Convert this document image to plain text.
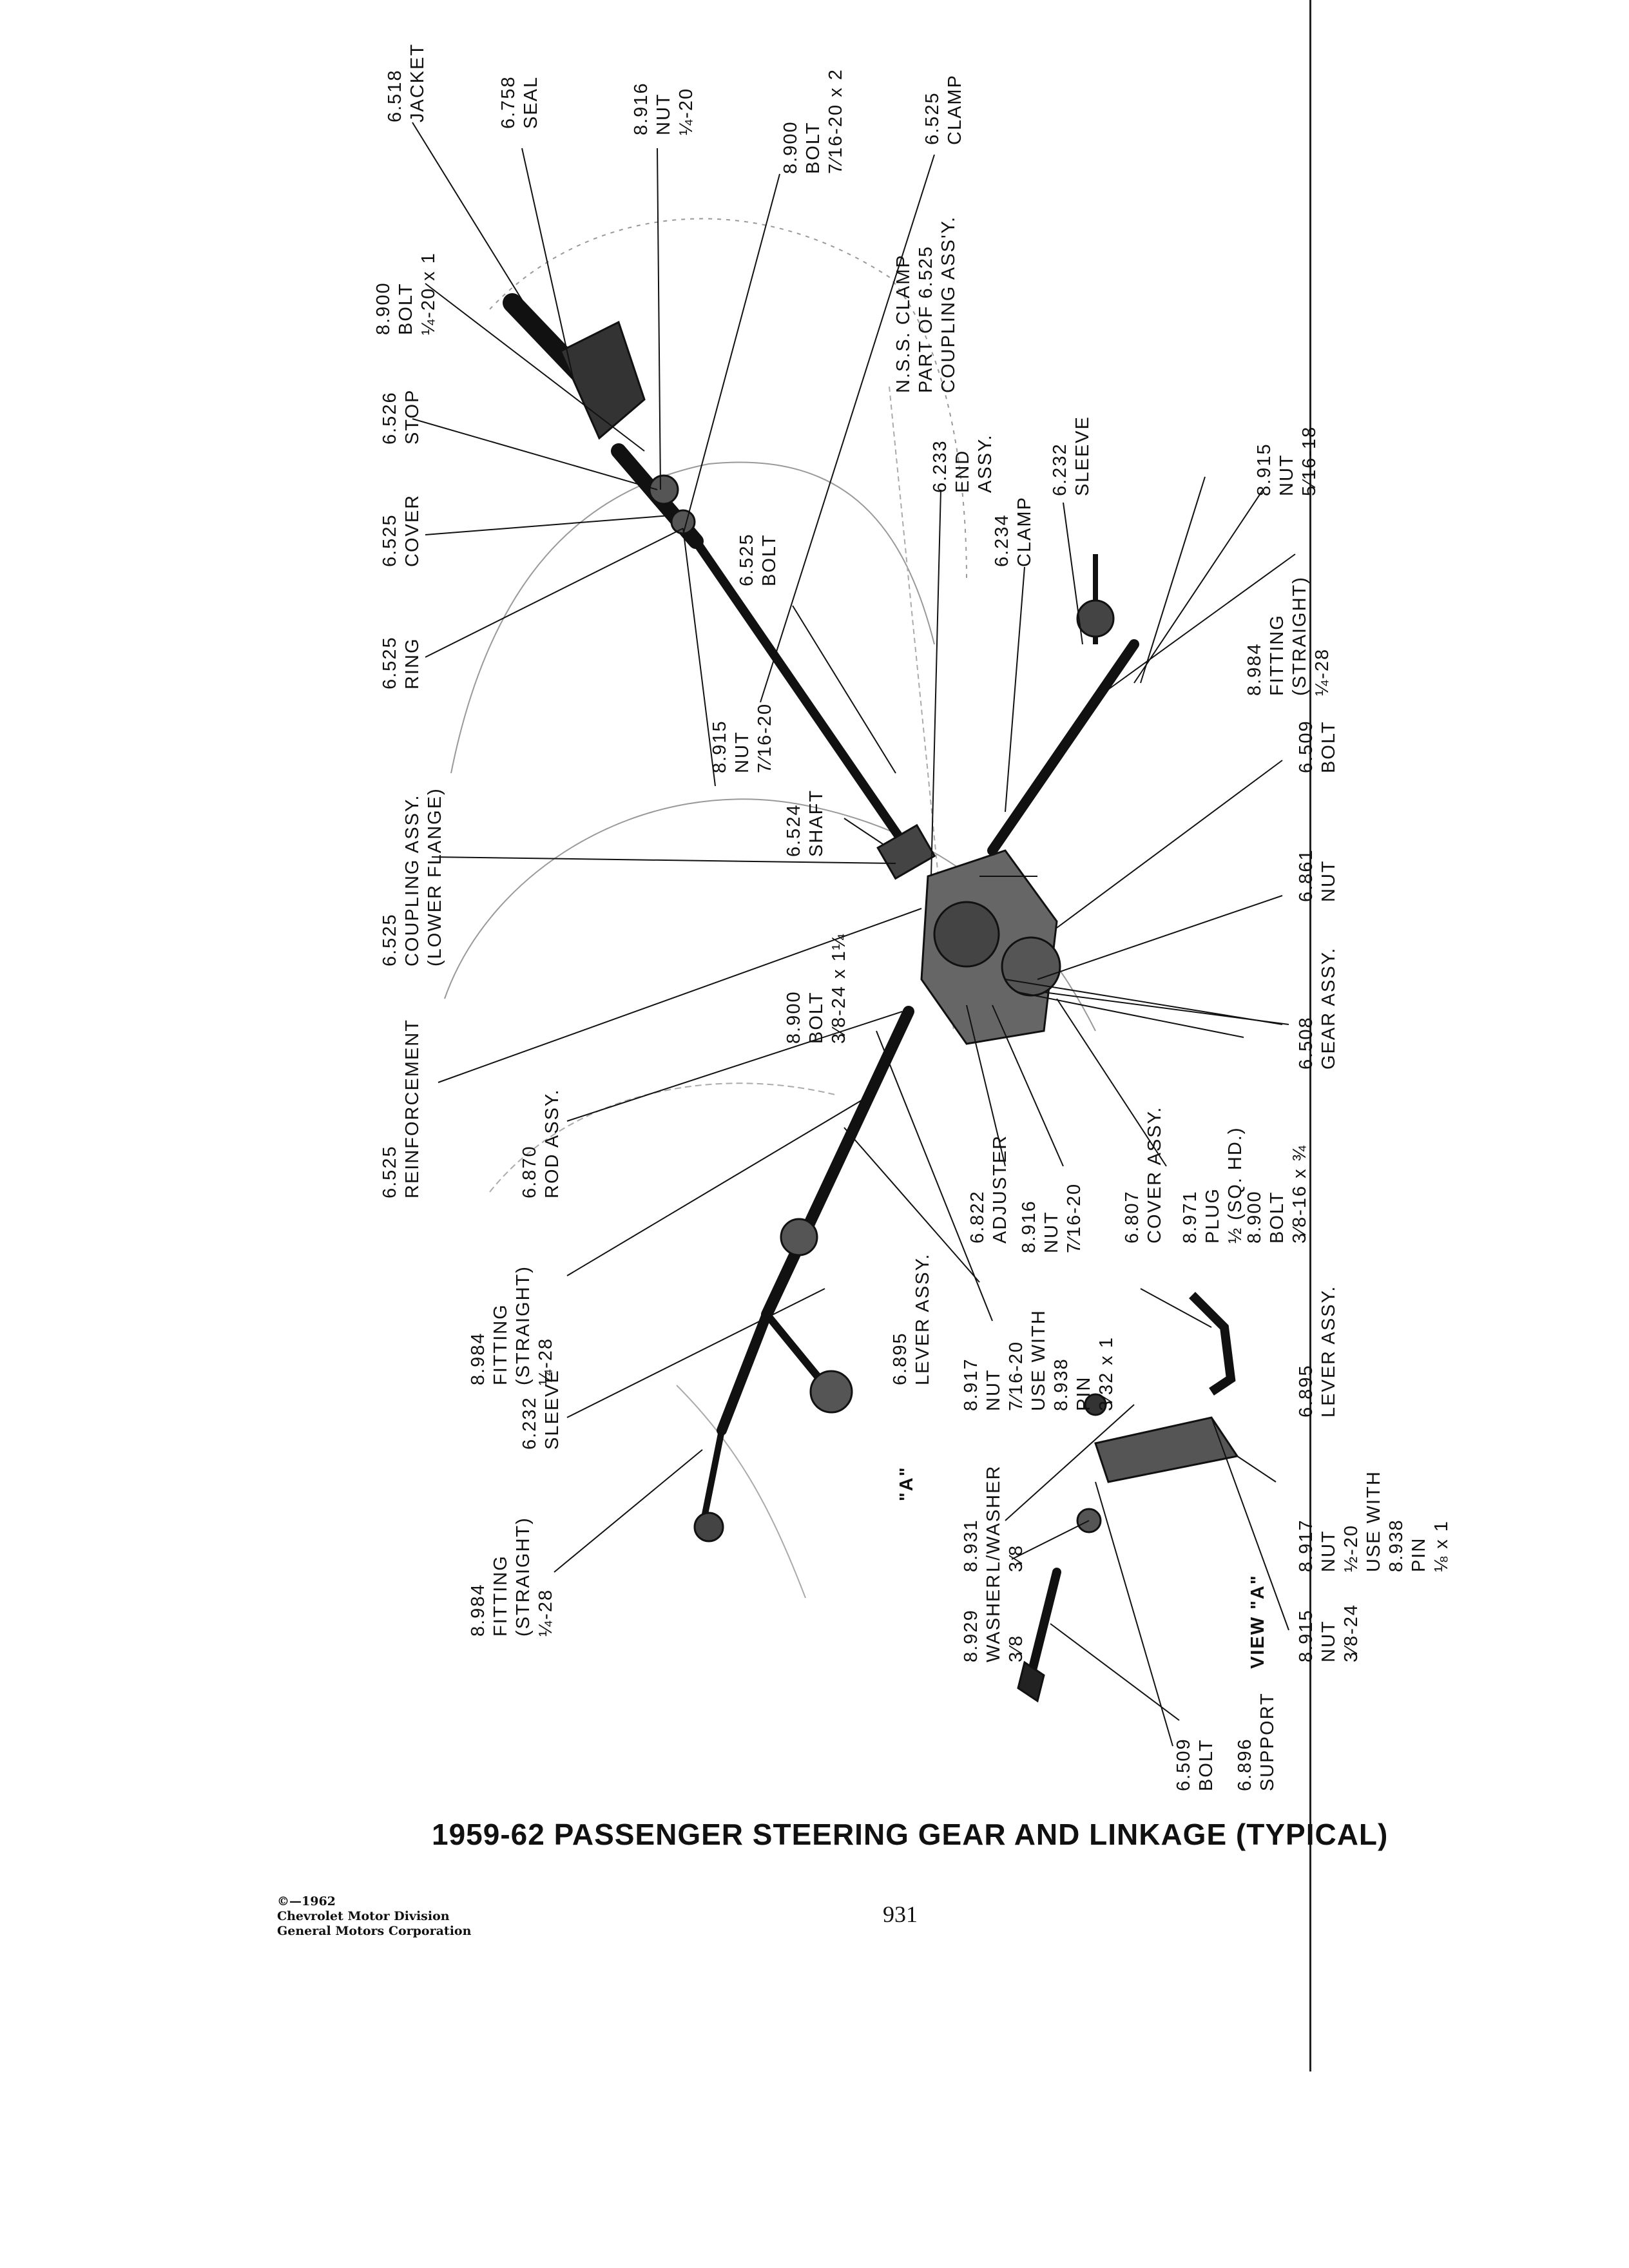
6.518 JACKET	6.758 SEAL	8.916 NUT ¼-20
8.900 BOLT 7⁄16-20 x 2	6.525 CLAMP
8.900 BOLT ¼-20 x 1	N.S.S. CLAMP PART OF 6.525 COUPLING ASS'Y.
6.526 STOP
6.233 END ASSY.	6.232 SLEEVE	8.915 NUT 5⁄16-18
6.525 COVER	6.525 BOLT	6.234 CLAMP
6.525 RING	8.984 FITTING (STRAIGHT) ¼-28
8.915 NUT 7⁄16-20
6.525 COUPLING ASSY. (LOWER FLANGE)	6.524 SHAFT
6.509 BOLT
6.861 NUT
8.900 BOLT 3⁄8-24 x 1¼	6.508 GEAR ASSY.
6.525 REINFORCEMENT	6.870 ROD ASSY.
6.822 ADJUSTER 8.916 NUT 7⁄16-20 6.807 COVER ASSY. 8.971 PLUG ½ (SQ. HD.)
8.900 BOLT 3⁄8-16 x ¾
8.984 FITTING (STRAIGHT) ¼-28	6.895 LEVER ASSY. 8.917 NUT 7⁄16-20 USE WITH 8.938 PIN 3⁄32 x 1	6.895 LEVER ASSY.
6.232 SLEEVE
"A"
8.931 L/WASHER 3⁄8	8.917 NUT ½-20 USE WITH 8.938 PIN ⅛ x 1
8.984 FITTING (STRAIGHT) ¼-28	8.929 WASHER 3⁄8	8.915 NUT 3⁄8-24
VIEW "A"
6.509 BOLT 6.896 SUPPORT
1959-62 PASSENGER STEERING GEAR AND LINKAGE (TYPICAL)
©—1962
Chevrolet Motor Division
General Motors Corporation
931
